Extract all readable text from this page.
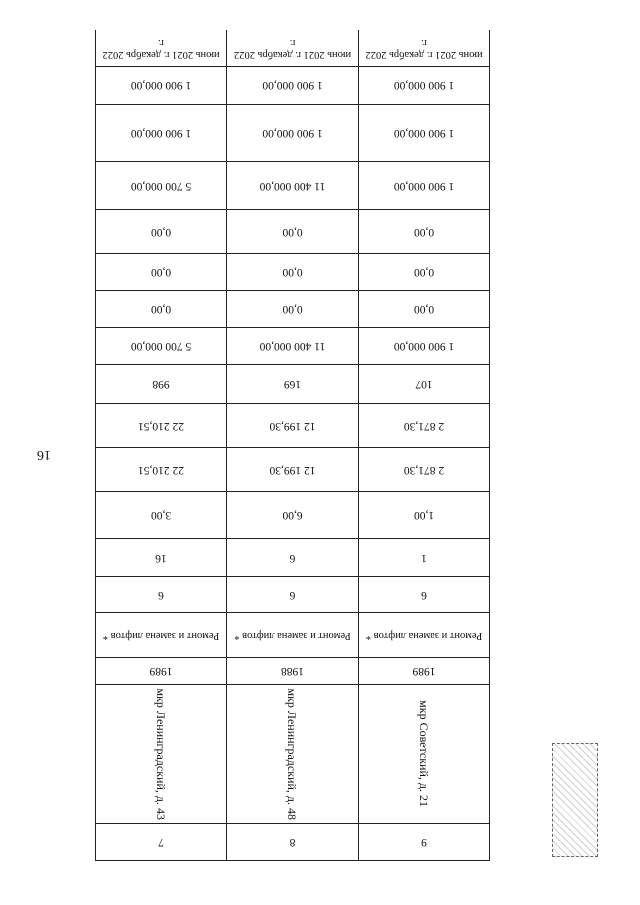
16
9
8
7
мкр Советский, д. 21
мкр Ленинградский, д. 48
мкр Ленинградский, д. 43
1989
1988
1989
Ремонт и замена лифтов *
Ремонт и замена лифтов *
Ремонт и замена лифтов *
6
6
6
1
6
16
1,00
6,00
3,00
2 871,30
12 199,30
22 210,51
2 871,30
12 199,30
22 210,51
107
169
998
1 900 000,00
11 400 000,00
5 700 000,00
0,00
0,00
0,00
0,00
0,00
0,00
0,00
0,00
0,00
1 900 000,00
11 400 000,00
5 700 000,00
1 900 000,00
1 900 000,00
1 900 000,00
1 900 000,00
1 900 000,00
1 900 000,00
июнь 2021 г. декабрь 2022 г.
июнь 2021 г. декабрь 2022 г.
июнь 2021 г. декабрь 2022 г.
